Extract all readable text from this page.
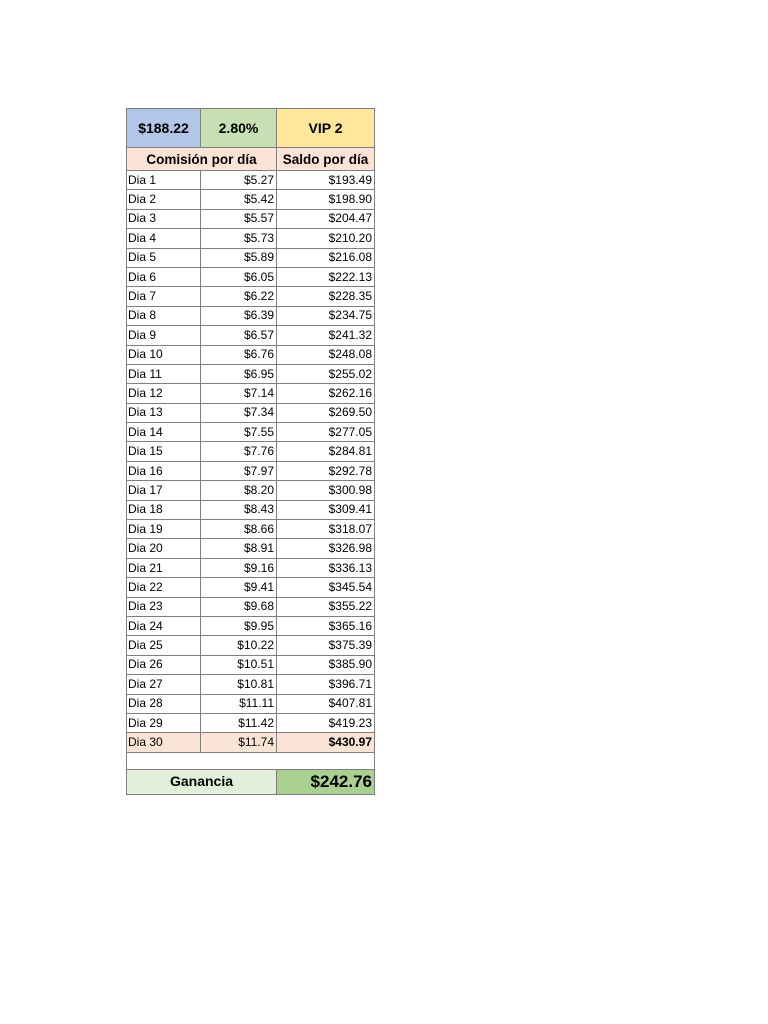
$188.22	2.80%	VIP 2
Comisión por día		Saldo por día
Dia 1	$5.27	$193.49
Dia 2	$5.42	$198.90
Dia 3	$5.57	$204.47
Dia 4	$5.73	$210.20
Dia 5	$5.89	$216.08
Dia 6	$6.05	$222.13
Dia 7	$6.22	$228.35
Dia 8	$6.39	$234.75
Dia 9	$6.57	$241.32
Dia 10	$6.76	$248.08
Dia 11	$6.95	$255.02
Dia 12	$7.14	$262.16
Dia 13	$7.34	$269.50
Dia 14	$7.55	$277.05
Dia 15	$7.76	$284.81
Dia 16	$7.97	$292.78
Dia 17	$8.20	$300.98
Dia 18	$8.43	$309.41
Dia 19	$8.66	$318.07
Dia 20	$8.91	$326.98
Dia 21	$9.16	$336.13
Dia 22	$9.41	$345.54
Dia 23	$9.68	$355.22
Dia 24	$9.95	$365.16
Dia 25	$10.22	$375.39
Dia 26	$10.51	$385.90
Dia 27	$10.81	$396.71
Dia 28	$11.11	$407.81
Dia 29	$11.42	$419.23
Dia 30	$11.74	$430.97

Ganancia		$242.76
